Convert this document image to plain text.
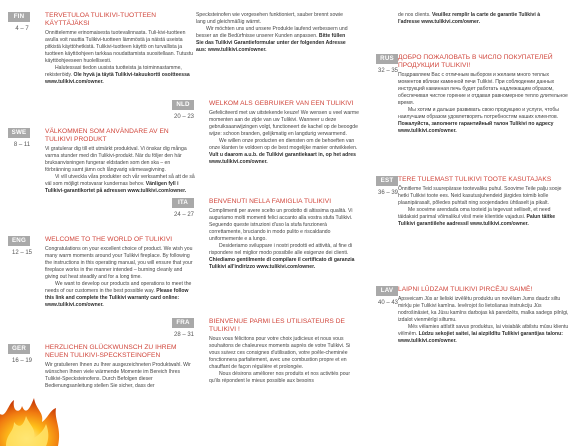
FIN
4 – 7
TERVETULOA TULIKIVI-TUOTTEEN KÄYTTÄJÄKSI

Onnittelemme erinomaisesta tuotevalinnasta. Tuli-kivi-tuotteen avulla voit nauttia Tulikivi-tuotteen lämmöstä ja näistä useista pitkistä käyttöhetkistä. Tulikivi-tuotteen käyttö on turvallista ja tuotteen käyttöohjeen tarkkaa noudattamista suositellaan. Tutustu käyttöohjeeseen huolellisesti.

Halutessasi tiedon uusista tuotteista ja toiminnastamme, rekisteröidy. Ole hyvä ja täytä Tulikivi-takuukortti osoitteessa www.tulikivi.com/owner.

SWE
8 – 11
VÄLKOMMEN SOM ANVÄNDARE AV EN TULIKIVI PRODUKT

Vi gratulerar dig till ett utmärkt produktval. Vi önskar dig många varma stunder med din Tulikivi-produkt. När du följer den här bruksanvisningen fungerar eldstaden som den ska – en förbränning samt jämn och långvarig värmeavgivning.

Vi vill utveckla våra produkter och vår verksamhet så att de så väl som möjligt motsvarar kundernas behov. Vänligen fyll i Tulikivi-garantikortet på adressen www.tulikivi.com/owner.

ENG
12 – 15
WELCOME TO THE WORLD OF TULIKIVI

Congratulations on your excellent choice of product. We wish you many warm moments around your Tulikivi fireplace. By following the instructions in this operating manual, you will ensure that your fireplace works in the manner intended – burning cleanly and giving out heat steadily and for a long time.

We want to develop our products and operations to meet the needs of our customers in the best possible way. Please follow this link and complete the Tulikivi warranty card online: www.tulikivi.com/owner.

GER
16 – 19
HERZLICHEN GLÜCKWUNSCH ZU IHREM NEUEN TULIKIVI-SPECKSTEINOFEN

Wir gratulieren Ihnen zu Ihrer ausgezeichneten Produktwahl. Wir wünschen Ihnen viele wärmende Momente im Bereich Ihres Tulikivi-Specksteinofens. Durch Befolgen dieser Bedienungsanleitung stellen Sie sicher, dass der

Specksteinofen wie vorgesehen funktioniert, sauber brennt sowie lang und gleichmäßig wärmt.

Wir möchten uns und unsere Produkte laufend verbessern und besser an die Bedürfnisse unserer Kunden anpassen. Bitte füllen Sie das Tulikivi Garantieformular unter der folgenden Adresse aus: www.tulikivi.com/owner.

NLD
20 – 23
WELKOM ALS GEBRUIKER VAN EEN TULIKIVI

Gefeliciteerd met uw uitstekende keuze! We wensen u veel warme momenten aan de zijde van uw Tulikivi. Wanneer u deze gebruiksaanwijzingen volgt, functioneert de kachel op de beoogde wijze: schoon branden, gelijkmatig en langdurig verwarmend.

We willen onze producten en diensten om de behoeften van onze klanten te voldoen op de best mogelijke manier ontwikkelen. Vult u daarom a.u.b. de Tulikivi garantiekaart in, op het adres www.tulikivi.com/owner.

ITA
24 – 27
BENVENUTI NELLA FAMIGLIA TULIKIVI

Complimenti per avere scelto un prodotto di altissima qualità. Vi auguriamo molti momenti felici accanto alla vostra stufa Tulikivi. Seguendo queste istruzioni d'uso la stufa funzionerà correttamente, bruciando in modo pulito e riscaldando uniformemente e a lungo.

Desideriamo sviluppare i nostri prodotti ed attività, al fine di rispondere nel miglior modo possibile alle esigenze dei clienti. Chiediamo gentilmente di compilare il certificato di garanzia Tulikivi all'indirizzo www.tulikivi.com/owner.

FRA
28 – 31
BIENVENUE PARMI LES UTILISATEURS DE TULIKIVI !

Nous vous félicitons pour votre choix judicieux et nous vous souhaitons de chaleureux moments auprès de votre Tulikivi. Si vous suivez ces consignes d'utilisation, votre poêle-cheminée fonctionnera parfaitement, avec une combustion propre et en chauffant de façon régulière et prolongée.

Nous désirons améliorer nos produits et nos activités pour qu'ils répondent le mieux possible aux besoins

de nos clients. Veuillez remplir la carte de garantie Tulikivi à l'adresse www.tulikivi.com/owner.

RUS
32 – 35
ДОБРО ПОЖАЛОВАТЬ В ЧИСЛО ПОКУПАТЕЛЕЙ ПРОДУКЦИИ TULIKIVI!

Поздравляем Вас с отличным выбором и желаем много теплых моментов вблизи каминной печи Tulikivi. При соблюдении данных инструкций каминная печь будет работать надлежащим образом, обеспечивая чистое горение и отдавая равномерное тепло длительное время.

Мы хотим и дальше развивать свою продукцию и услуги, чтобы наилучшим образом удовлетворять потребностям наших клиентов. Пожалуйста, заполните гарантийный талон Tulikivi по адресу www.tulikivi.com/owner.

EST
36 – 39
TERE TULEMAST TULIKIVI TOOTE KASUTAJAKS

Õnnitleme Teid suurepärase tootevaliku puhul. Soovime Teile palju sooje hetki Tulikivi toote ees. Neid kasutusjuhendeid järgides toimib kolle plaanipärasalt, põledes puhtalt ning soojendades ühtlaselt ja pikalt.

Me soovime arendada oma tooteid ja tegevust selliselt, et need täidaksid parimal võimalikul viisil meie klientide vajadusi. Palun täitke Tulikivi garantiilehe aadressil www.tulikivi.com/owner.

LAV
40 – 43
LAIPNI LŪDZAM TULIKIVI PIRCĒJU SAIMĒ!

Apsveicam Jūs ar lieliski izvēlētu produktu un novēlam Jums daudz siltu mirkļu pie Tulikivi kamīna. Ievērojot šo lietošanas instrukciju Jūs nodrošināsiet, ka Jūsu kamīns darbojas kā paredzēts, malka sadegs pilnīgi, izdalot vienmērīgi siltumu.

Mēs vēlamies attīstīt savus produktus, lai visiabāk atbilstu mūsu klientu vēlmēm. Lūdzu sekojiet saitei, lai aizpildītu Tulikivi garantijas talonu: www.tulikivi.com/owner.
